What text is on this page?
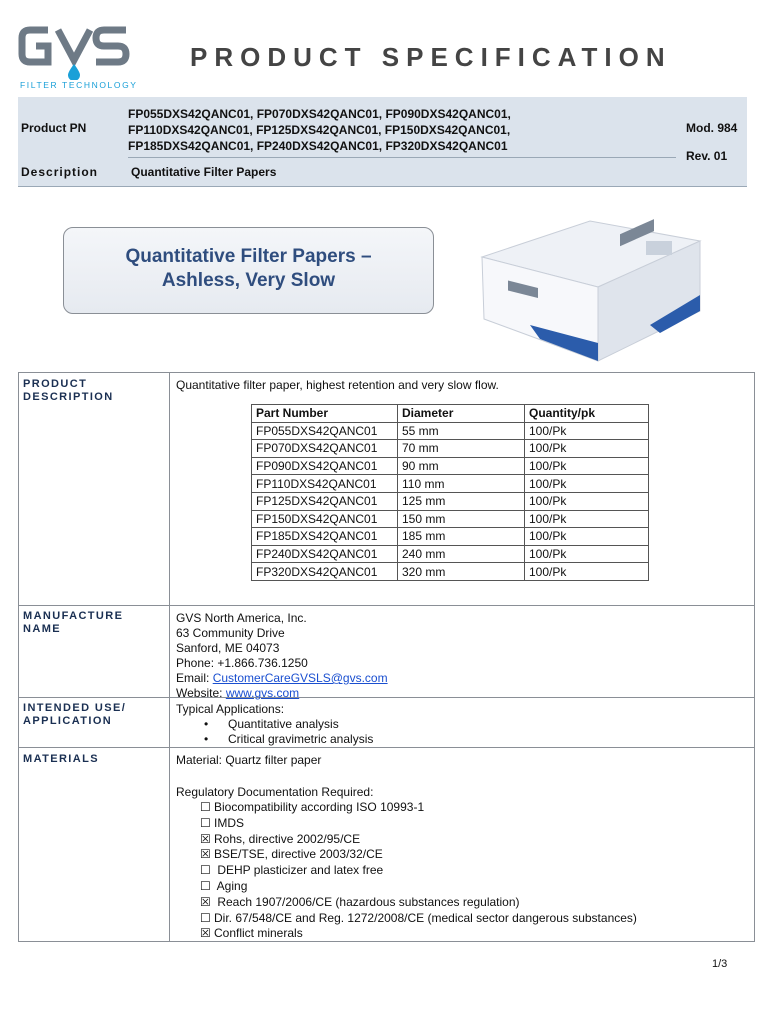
FILTER TECHNOLOGY
PRODUCT SPECIFICATION
Product PN
FP055DXS42QANC01, FP070DXS42QANC01, FP090DXS42QANC01,
FP110DXS42QANC01, FP125DXS42QANC01, FP150DXS42QANC01,
FP185DXS42QANC01, FP240DXS42QANC01, FP320DXS42QANC01
Description	Quantitative Filter Papers
Mod. 984
Rev. 01
Quantitative Filter Papers –
Ashless, Very Slow
PRODUCT
DESCRIPTION
Quantitative filter paper, highest retention and very slow flow.
Part Number	Diameter	Quantity/pk
FP055DXS42QANC01	55 mm	100/Pk
FP070DXS42QANC01	70 mm	100/Pk
FP090DXS42QANC01	90 mm	100/Pk
FP110DXS42QANC01	110 mm	100/Pk
FP125DXS42QANC01	125 mm	100/Pk
FP150DXS42QANC01	150 mm	100/Pk
FP185DXS42QANC01	185 mm	100/Pk
FP240DXS42QANC01	240 mm	100/Pk
FP320DXS42QANC01	320 mm	100/Pk
MANUFACTURE
NAME
GVS North America, Inc.
63 Community Drive
Sanford, ME 04073
Phone: +1.866.736.1250
Email: CustomerCareGVSLS@gvs.com
Website: www.gvs.com
INTENDED USE/
APPLICATION
Typical Applications:
• Quantitative analysis
• Critical gravimetric analysis
MATERIALS	Material: Quartz filter paper
Regulatory Documentation Required:
☐ Biocompatibility according ISO 10993-1
☐ IMDS
☒ Rohs, directive 2002/95/CE
☒ BSE/TSE, directive 2003/32/CE
☐ DEHP plasticizer and latex free
☐ Aging
☒ Reach 1907/2006/CE (hazardous substances regulation)
☐ Dir. 67/548/CE and Reg. 1272/2008/CE (medical sector dangerous substances)
☒ Conflict minerals
1/3
